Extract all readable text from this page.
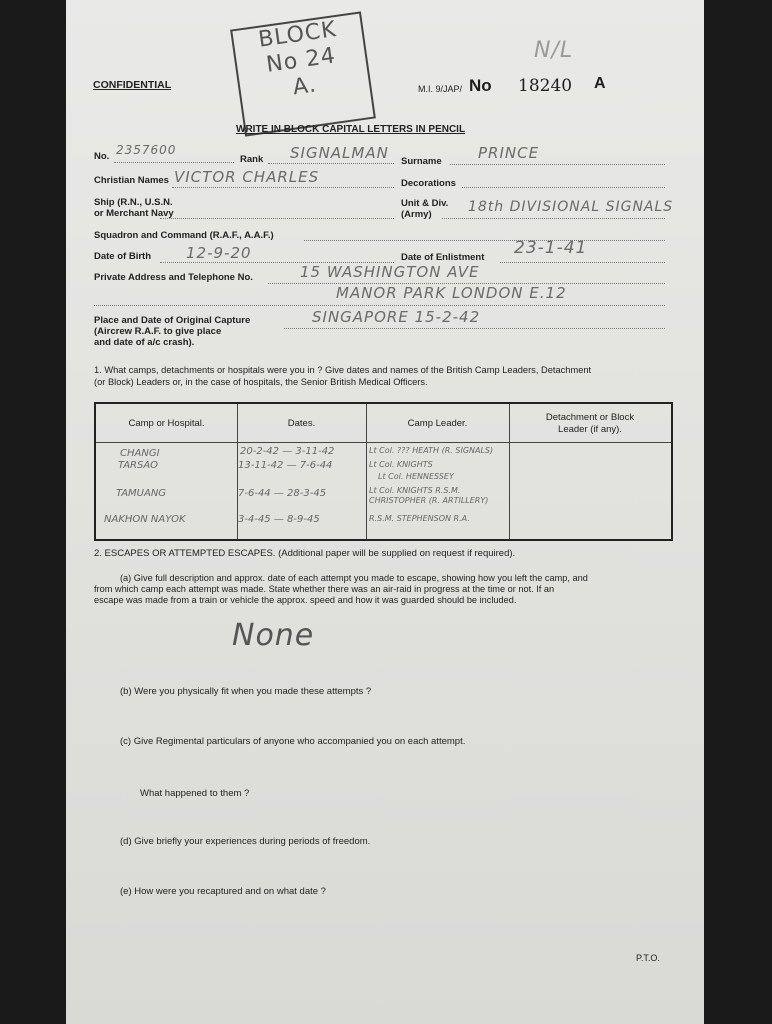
CONFIDENTIAL
BLOCK
No 24
A.	M.I. 9/JAP/ No 18240 A
N/L
WRITE IN BLOCK CAPITAL LETTERS IN PENCIL
No. 2357600
Rank SIGNALMAN Surname PRINCE
Christian Names VICTOR CHARLES	Decorations
Ship (R.N., U.S.N.
or Merchant Navy
Unit & Div.
(Army)	18th DIVISIONAL SIGNALS
Squadron and Command (R.A.F., A.A.F.)
Date of Birth 12-9-20	Date of Enlistment 23-1-41
Private Address and Telephone No.	15 WASHINGTON AVE
MANOR PARK LONDON E.12
Place and Date of Original Capture
(Aircrew R.A.F. to give place
and date of a/c crash).
SINGAPORE 15-2-42
1. What camps, detachments or hospitals were you in ? Give dates and names of the British Camp Leaders, Detachment
(or Block) Leaders or, in the case of hospitals, the Senior British Medical Officers.
Camp or Hospital.	Dates.	Camp Leader.
Detachment or Block
Leader (if any).
CHANGI	20-2-42 — 3-11-42	Lt Col. ??? HEATH (R. SIGNALS)
TARSAO	13-11-42 — 7-6-44	Lt Col. KNIGHTS
Lt Col. HENNESSEY
TAMUANG	7-6-44 — 28-3-45	Lt Col. KNIGHTS R.S.M. CHRISTOPHER (R. ARTILLERY)
NAKHON NAYOK	3-4-45 — 8-9-45	R.S.M. STEPHENSON R.A.
2. ESCAPES OR ATTEMPTED ESCAPES. (Additional paper will be supplied on request if required).
(a) Give full description and approx. date of each attempt you made to escape, showing how you left the camp, and
from which camp each attempt was made. State whether there was an air-raid in progress at the time or not. If an
escape was made from a train or vehicle the approx. speed and how it was guarded should be included.
None
(b) Were you physically fit when you made these attempts ?
(c) Give Regimental particulars of anyone who accompanied you on each attempt.
What happened to them ?
(d) Give briefly your experiences during periods of freedom.
(e) How were you recaptured and on what date ?
P.T.O.
